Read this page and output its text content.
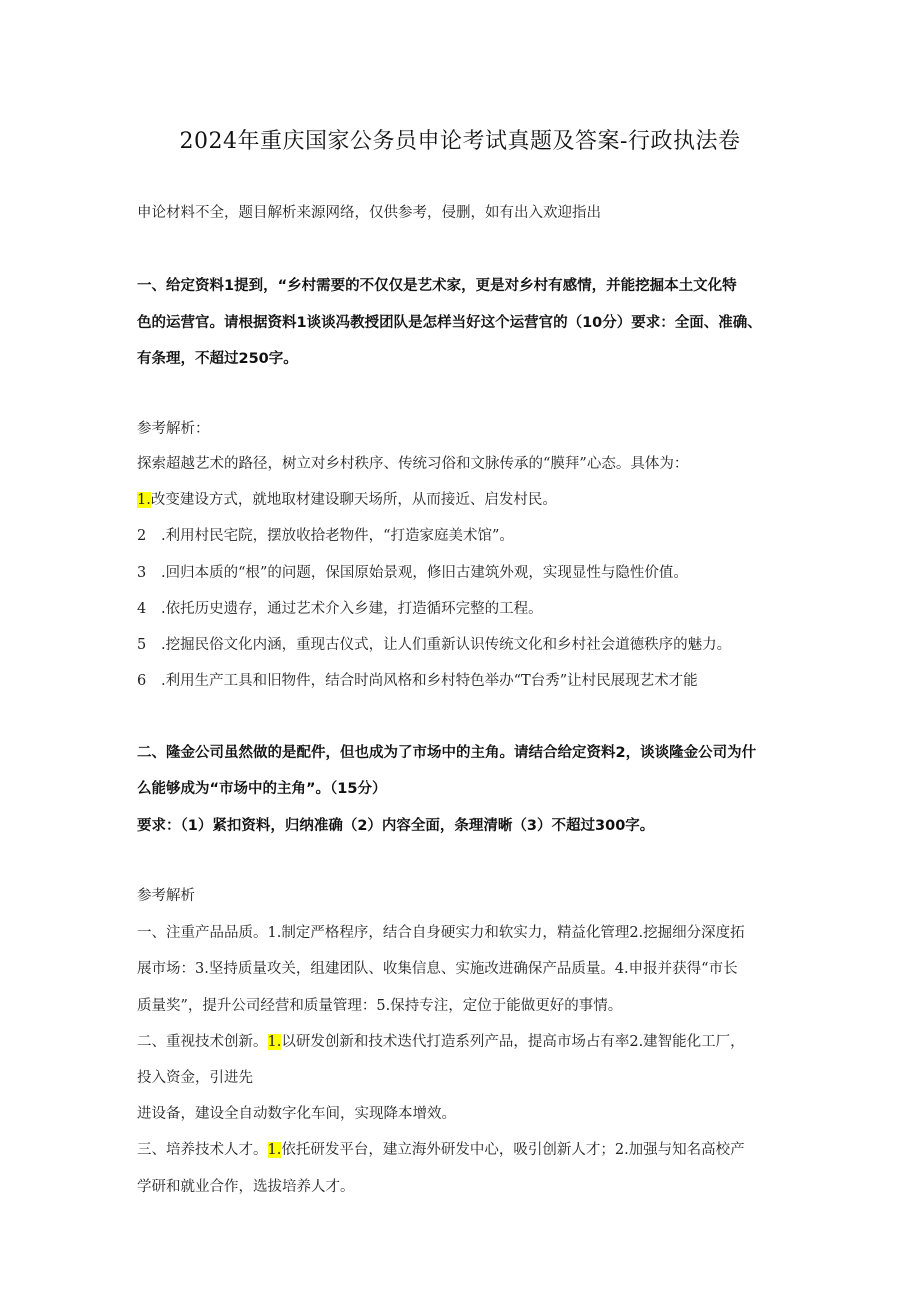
2024年重庆国家公务员申论考试真题及答案-行政执法卷
申论材料不全，题目解析来源网络，仅供参考，侵删，如有出入欢迎指出
一、给定资料1提到，“乡村需要的不仅仅是艺术家，更是对乡村有感情，并能挖掘本土文化特
色的运营官。请根据资料1谈谈冯教授团队是怎样当好这个运营官的（10分）要求：全面、准确、
有条理，不超过250字。
参考解析：
探索超越艺术的路径，树立对乡村秩序、传统习俗和文脉传承的“膜拜”心态。具体为：
1.改变建设方式，就地取材建设聊天场所，从而接近、启发村民。
2 .利用村民宅院，摆放收拾老物件，“打造家庭美术馆”。
3 .回归本质的“根”的问题，保国原始景观，修旧古建筑外观，实现显性与隐性价值。
4 .依托历史遗存，通过艺术介入乡建，打造循环完整的工程。
5 .挖掘民俗文化内涵，重现古仪式，让人们重新认识传统文化和乡村社会道德秩序的魅力。
6 .利用生产工具和旧物件，结合时尚风格和乡村特色举办“T台秀”让村民展现艺术才能
二、隆金公司虽然做的是配件，但也成为了市场中的主角。请结合给定资料2，谈谈隆金公司为什
么能够成为“市场中的主角”。（15分）
要求：（1）紧扣资料，归纳准确（2）内容全面，条理清晰（3）不超过300字。
参考解析
一、注重产品品质。1.制定严格程序，结合自身硬实力和软实力，精益化管理2.挖掘细分深度拓
展市场：3.坚持质量攻关，组建团队、收集信息、实施改进确保产品质量。4.申报并获得“市长
质量奖”，提升公司经营和质量管理：5.保持专注，定位于能做更好的事情。
二、重视技术创新。1.以研发创新和技术迭代打造系列产品，提高市场占有率2.建智能化工厂，
投入资金，引进先
进设备，建设全自动数字化车间，实现降本增效。
三、培养技术人才。1.依托研发平台，建立海外研发中心，吸引创新人才；2.加强与知名高校产
学研和就业合作，选拔培养人才。
